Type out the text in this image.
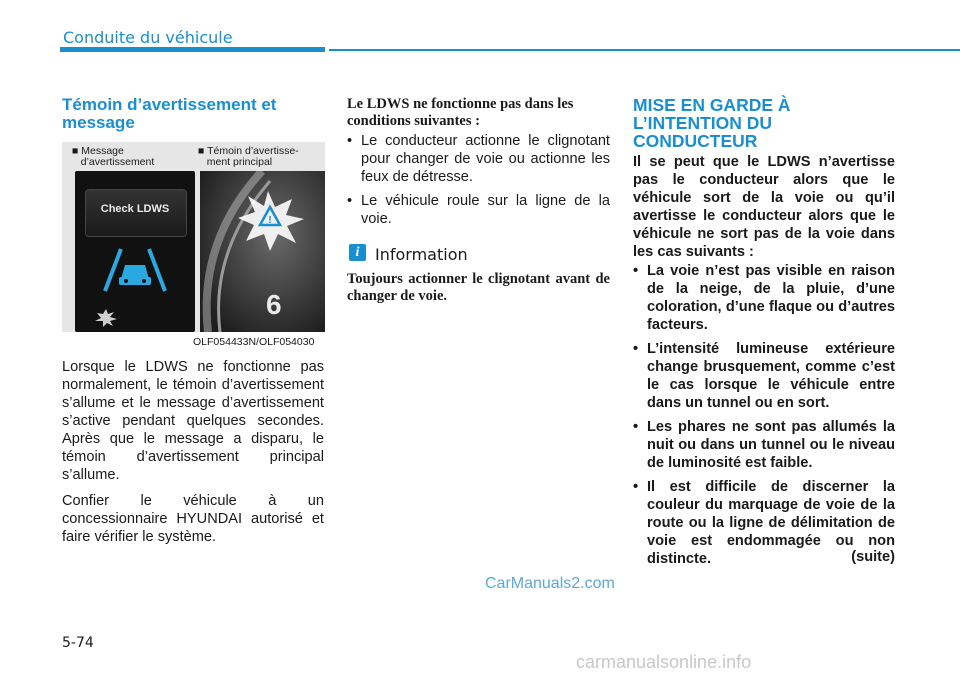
Conduite du véhicule
Témoin d’avertissement et message
■ Message
d’avertissement
■ Témoin d’avertisse-
ment principal
Check LDWS
!
6
OLF054433N/OLF054030

Lorsque le LDWS ne fonctionne pas normalement, le témoin d’avertissement s’allume et le message d’avertissement s’active pendant quelques secondes. Après que le message a disparu, le témoin d’avertissement principal s’allume.

Confier le véhicule à un concessionnaire HYUNDAI autorisé et faire vérifier le système.

Le LDWS ne fonctionne pas dans les conditions suivantes :
• Le conducteur actionne le clignotant pour changer de voie ou actionne les feux de détresse.
• Le véhicule roule sur la ligne de la voie.
i Information
Toujours actionner le clignotant avant de changer de voie.
MISE EN GARDE À L’INTENTION DU CONDUCTEUR
Il se peut que le LDWS n’avertisse pas le conducteur alors que le véhicule sort de la voie ou qu’il avertisse le conducteur alors que le véhicule ne sort pas de la voie dans les cas suivants :
• La voie n’est pas visible en raison de la neige, de la pluie, d’une coloration, d’une flaque ou d’autres facteurs.
• L’intensité lumineuse extérieure change brusquement, comme c’est le cas lorsque le véhicule entre dans un tunnel ou en sort.
• Les phares ne sont pas allumés la nuit ou dans un tunnel ou le niveau de luminosité est faible.
• Il est difficile de discerner la couleur du marquage de voie de la route ou la ligne de délimitation de voie est endommagée ou non distincte.	(suite)
CarManuals2.com
5-74
carmanualsonline.info
